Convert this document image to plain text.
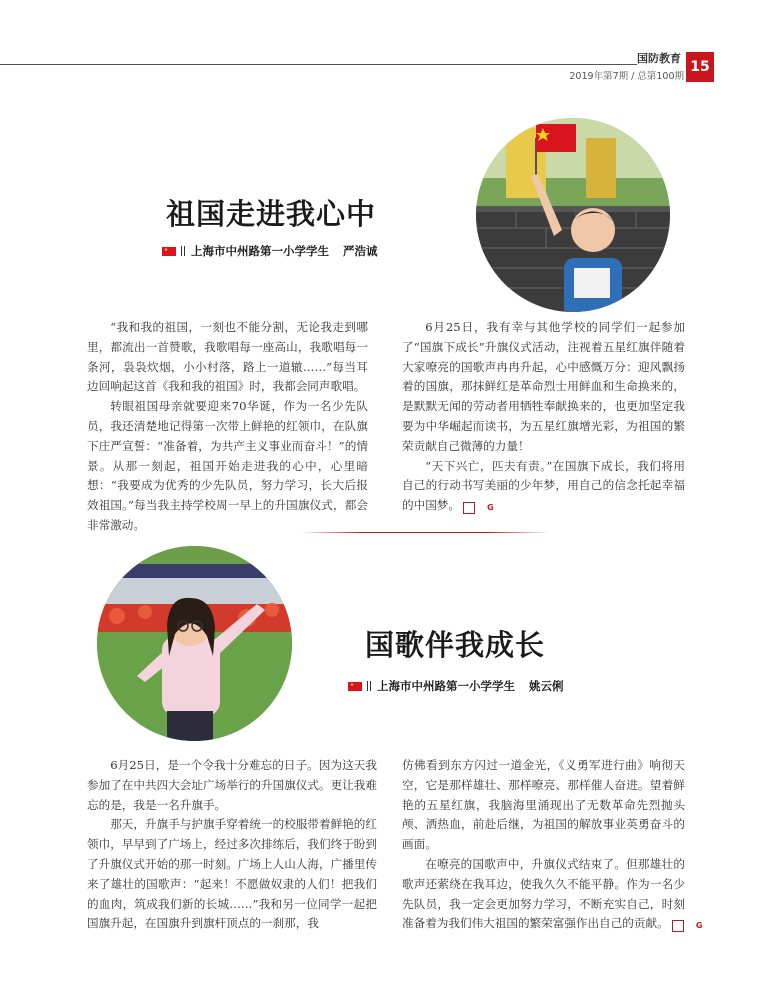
国防教育
2019年第7期 / 总第100期
15
祖国走进我心中
上海市中州路第一小学学生 严浩诚

“我和我的祖国，一刻也不能分割，无论我走到哪里，都流出一首赞歌，我歌唱每一座高山，我歌唱每一条河，袅袅炊烟，小小村落，路上一道辙……”每当耳边回响起这首《我和我的祖国》时，我都会同声歌唱。

转眼祖国母亲就要迎来70华诞，作为一名少先队员，我还清楚地记得第一次带上鲜艳的红领巾，在队旗下庄严宣誓：“准备着，为共产主义事业而奋斗！”的情景。从那一刻起，祖国开始走进我的心中，心里暗想：“我要成为优秀的少先队员，努力学习，长大后报效祖国。”每当我主持学校周一早上的升国旗仪式，都会非常激动。

6月25日，我有幸与其他学校的同学们一起参加了“国旗下成长”升旗仪式活动，注视着五星红旗伴随着大家嘹亮的国歌声冉冉升起，心中感慨万分：迎风飘扬着的国旗，那抹鲜红是革命烈士用鲜血和生命换来的，是默默无闻的劳动者用牺牲奉献换来的，也更加坚定我要为中华崛起而读书，为五星红旗增光彩，为祖国的繁荣贡献自己微薄的力量！

“天下兴亡，匹夫有责。”在国旗下成长，我们将用自己的行动书写美丽的少年梦，用自己的信念托起幸福的中国梦。	G

国歌伴我成长
上海市中州路第一小学学生 姚云俐

6月25日，是一个令我十分难忘的日子。因为这天我参加了在中共四大会址广场举行的升国旗仪式。更让我难忘的是，我是一名升旗手。

那天，升旗手与护旗手穿着统一的校服带着鲜艳的红领巾，早早到了广场上，经过多次排练后，我们终于盼到了升旗仪式开始的那一时刻。广场上人山人海，广播里传来了雄壮的国歌声：“起来！不愿做奴隶的人们！把我们的血肉，筑成我们新的长城……”我和另一位同学一起把国旗升起，在国旗升到旗杆顶点的一刹那，我

仿佛看到东方闪过一道金光，《义勇军进行曲》响彻天空，它是那样雄壮、那样嘹亮、那样催人奋进。望着鲜艳的五星红旗，我脑海里涌现出了无数革命先烈抛头颅、洒热血，前赴后继，为祖国的解放事业英勇奋斗的画面。

在嘹亮的国歌声中，升旗仪式结束了。但那雄壮的歌声还萦绕在我耳边，使我久久不能平静。作为一名少先队员，我一定会更加努力学习，不断充实自己，时刻准备着为我们伟大祖国的繁荣富强作出自己的贡献。	G
